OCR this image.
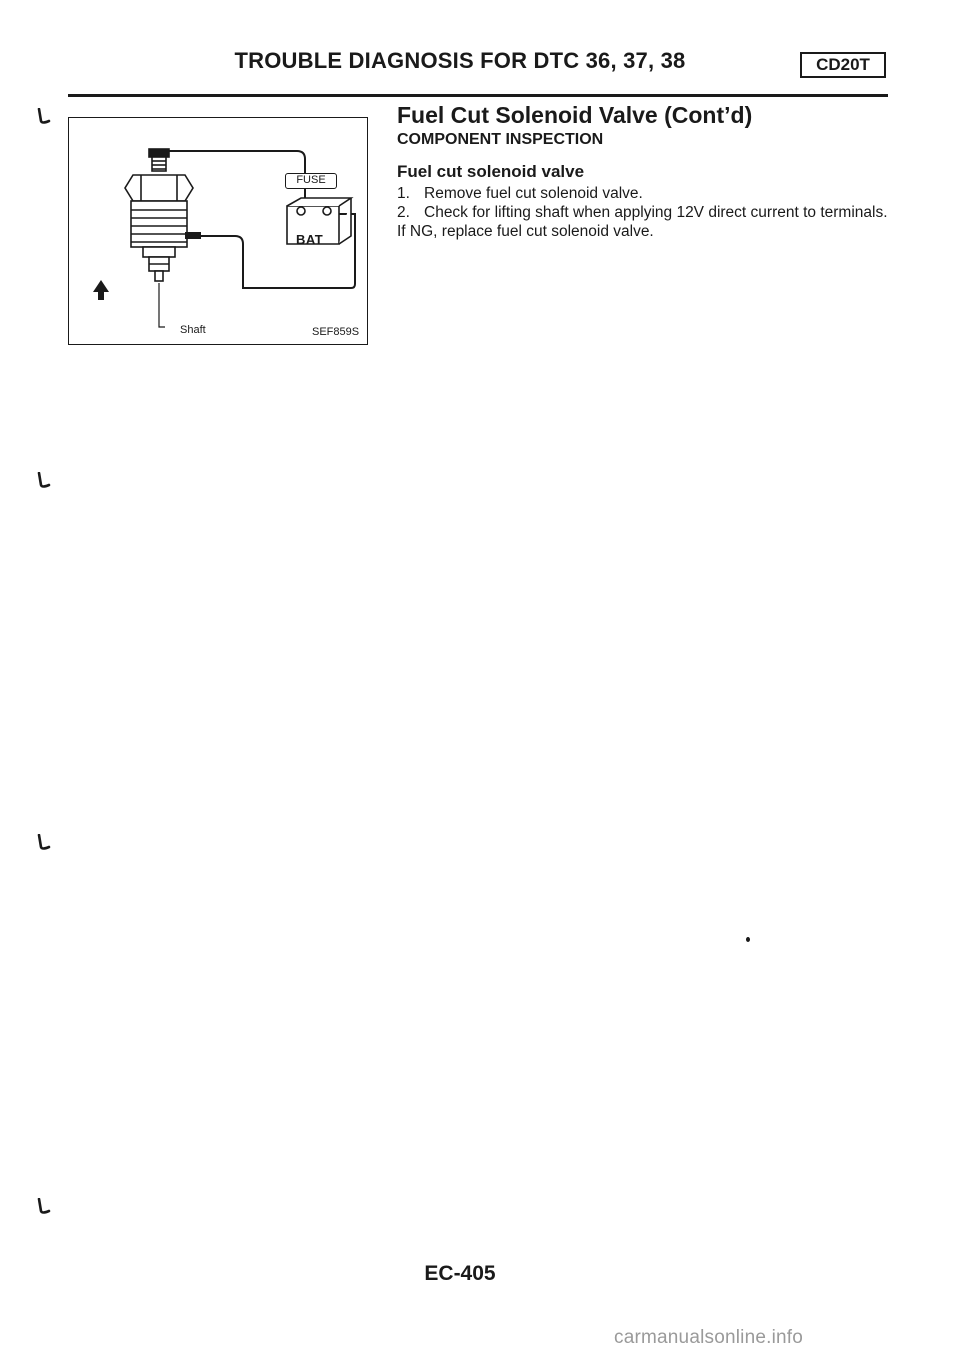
TROUBLE DIAGNOSIS FOR DTC 36, 37, 38	CD20T
Fuel Cut Solenoid Valve (Cont’d)
COMPONENT INSPECTION
Fuel cut solenoid valve
1. Remove fuel cut solenoid valve.
2. Check for lifting shaft when applying 12V direct current to terminals.
If NG, replace fuel cut solenoid valve.
FUSE
BAT
Shaft	SEF859S
EC-405
carmanualsonline.info
